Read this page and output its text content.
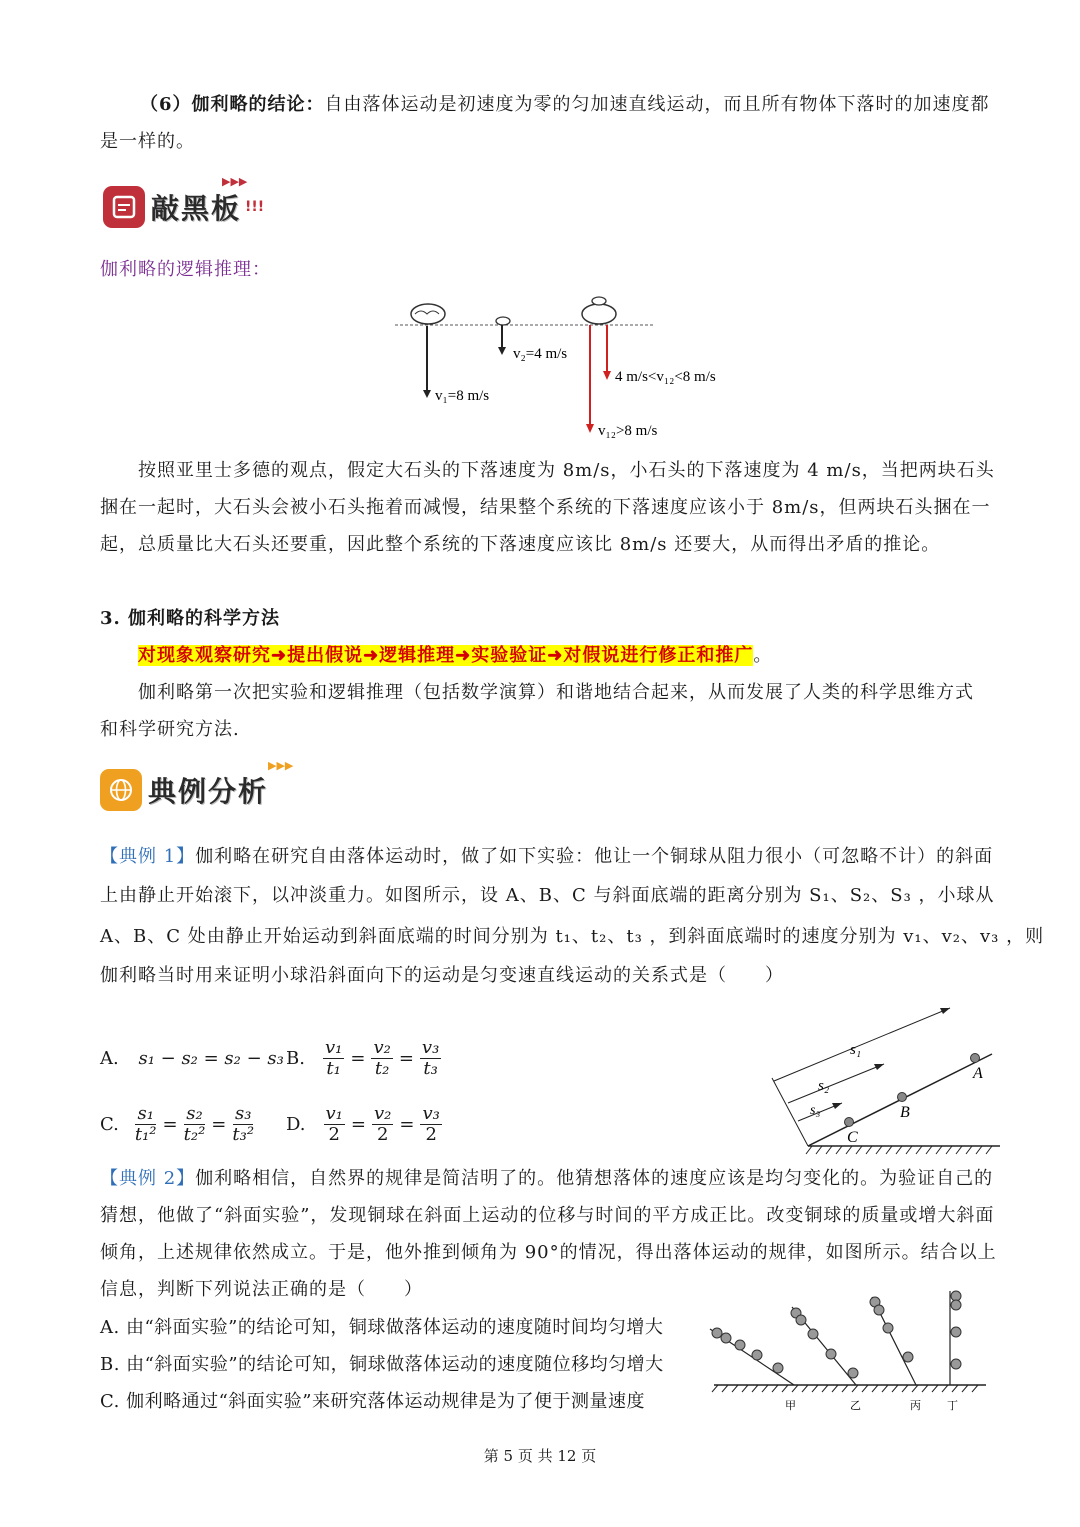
（6）伽利略的结论：自由落体运动是初速度为零的匀加速直线运动，而且所有物体下落时的加速度都
是一样的。
敲黑板 !!!
▶▶▶
伽利略的逻辑推理：
v₁=8 m/s
v₂=4 m/s
4 m/s<v₁₂<8 m/s
v₁₂>8 m/s
按照亚里士多德的观点，假定大石头的下落速度为 8m/s，小石头的下落速度为 4 m/s，当把两块石头
捆在一起时，大石头会被小石头拖着而减慢，结果整个系统的下落速度应该小于 8m/s，但两块石头捆在一
起，总质量比大石头还要重，因此整个系统的下落速度应该比 8m/s 还要大，从而得出矛盾的推论。
3. 伽利略的科学方法
对现象观察研究➜提出假说➜逻辑推理➜实验验证➜对假说进行修正和推广。
伽利略第一次把实验和逻辑推理（包括数学演算）和谐地结合起来，从而发展了人类的科学思维方式
和科学研究方法.
典例分析
▶▶▶
【典例 1】伽利略在研究自由落体运动时，做了如下实验：他让一个铜球从阻力很小（可忽略不计）的斜面
上由静止开始滚下，以冲淡重力。如图所示，设 A、B、C 与斜面底端的距离分别为 S₁、S₂、S₃ ，小球从
A、B、C 处由静止开始运动到斜面底端的时间分别为 t₁、t₂、t₃ ，到斜面底端时的速度分别为 v₁、v₂、v₃ ，则
伽利略当时用来证明小球沿斜面向下的运动是匀变速直线运动的关系式是（　　）
A. s₁ − s₂ = s₂ − s₃ B. $\frac{\text{v₁}}{\text{t₁}} = \frac{\text{v₂}}{\text{t₂}} = \frac{\text{v₃}}{\text{t₃}}$
C. $\frac{\text{s₁}}{\text{t₁²}} = \frac{\text{s₂}}{\text{t₂²}} = \frac{\text{s₃}}{\text{t₃²}} D$. $\frac{\text{v₁}}{2} = \frac{\text{v₂}}{2} = \frac{\text{v₃}}{2}$
s₁
s₂
s₃
A
B
C
【典例 2】伽利略相信，自然界的规律是简洁明了的。他猜想落体的速度应该是均匀变化的。为验证自己的
猜想，他做了“斜面实验”，发现铜球在斜面上运动的位移与时间的平方成正比。改变铜球的质量或增大斜面
倾角，上述规律依然成立。于是，他外推到倾角为 90°的情况，得出落体运动的规律，如图所示。结合以上
信息，判断下列说法正确的是（　　）
A. 由“斜面实验”的结论可知，铜球做落体运动的速度随时间均匀增大
B. 由“斜面实验”的结论可知，铜球做落体运动的速度随位移均匀增大
C. 伽利略通过“斜面实验”来研究落体运动规律是为了便于测量速度	甲	乙	丙 丁
第 5 页 共 12 页
